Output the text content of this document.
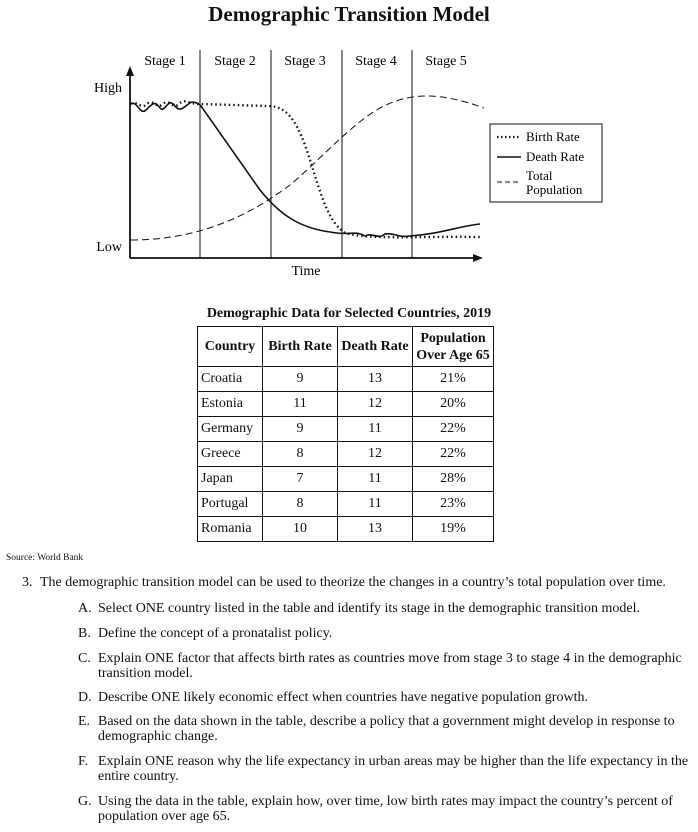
Demographic Transition Model
Stage 1 Stage 2 Stage 3 Stage 4 Stage 5
High
Low
Time
Birth Rate
Death Rate
Total
Population
Demographic Data for Selected Countries, 2019
Country	Birth Rate	Death Rate	Population
Over Age 65
Croatia	9	13	21%
Estonia	11	12	20%
Germany	9	11	22%
Greece	8	12	22%
Japan	7	11	28%
Portugal	8	11	23%
Romania	10	13	19%
Source: World Bank
3. The demographic transition model can be used to theorize the changes in a country’s total population over time.
A. Select ONE country listed in the table and identify its stage in the demographic transition model.
B. Define the concept of a pronatalist policy.
C. Explain ONE factor that affects birth rates as countries move from stage 3 to stage 4 in the demographic transition model.
D. Describe ONE likely economic effect when countries have negative population growth.
E. Based on the data shown in the table, describe a policy that a government might develop in response to demographic change.
F. Explain ONE reason why the life expectancy in urban areas may be higher than the life expectancy in the entire country.
G. Using the data in the table, explain how, over time, low birth rates may impact the country’s percent of population over age 65.
